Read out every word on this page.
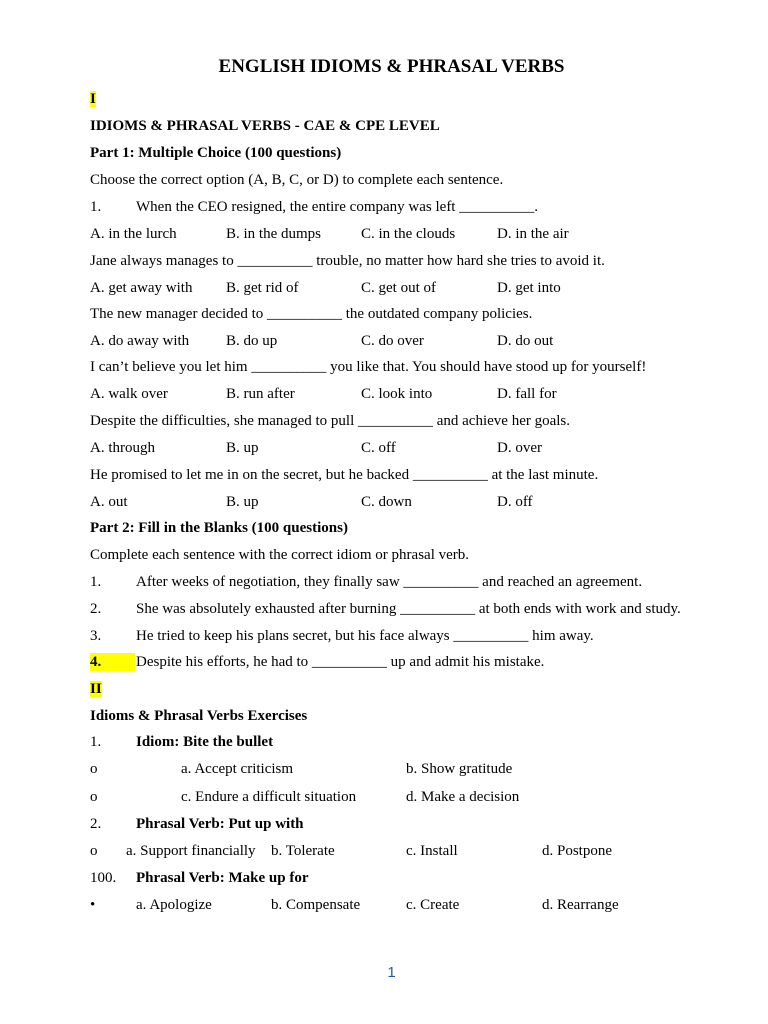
ENGLISH IDIOMS & PHRASAL VERBS
I
IDIOMS & PHRASAL VERBS - CAE & CPE LEVEL
Part 1: Multiple Choice (100 questions)
Choose the correct option (A, B, C, or D) to complete each sentence.
1. When the CEO resigned, the entire company was left __________.
A. in the lurch	B. in the dumps	C. in the clouds	D. in the air
Jane always manages to __________ trouble, no matter how hard she tries to avoid it.
A. get away with B. get rid of	C. get out of	D. get into
The new manager decided to __________ the outdated company policies.
A. do away with B. do up	C. do over	D. do out
I can’t believe you let him __________ you like that. You should have stood up for yourself!
A. walk over	B. run after	C. look into	D. fall for
Despite the difficulties, she managed to pull __________ and achieve her goals.
A. through	B. up	C. off	D. over
He promised to let me in on the secret, but he backed __________ at the last minute.
A. out	B. up	C. down	D. off
Part 2: Fill in the Blanks (100 questions)
Complete each sentence with the correct idiom or phrasal verb.
1. After weeks of negotiation, they finally saw __________ and reached an agreement.
2. She was absolutely exhausted after burning __________ at both ends with work and study.
3. He tried to keep his plans secret, but his face always __________ him away.
4.	Despite his efforts, he had to __________ up and admit his mistake.
II
Idioms & Phrasal Verbs Exercises
1. Idiom: Bite the bullet
o	a. Accept criticism	b. Show gratitude
o	c. Endure a difficult situation	d. Make a decision
2. Phrasal Verb: Put up with
o a. Support financially b. Tolerate	c. Install	d. Postpone
100. Phrasal Verb: Make up for
•	a. Apologize	b. Compensate	c. Create	d. Rearrange
1
